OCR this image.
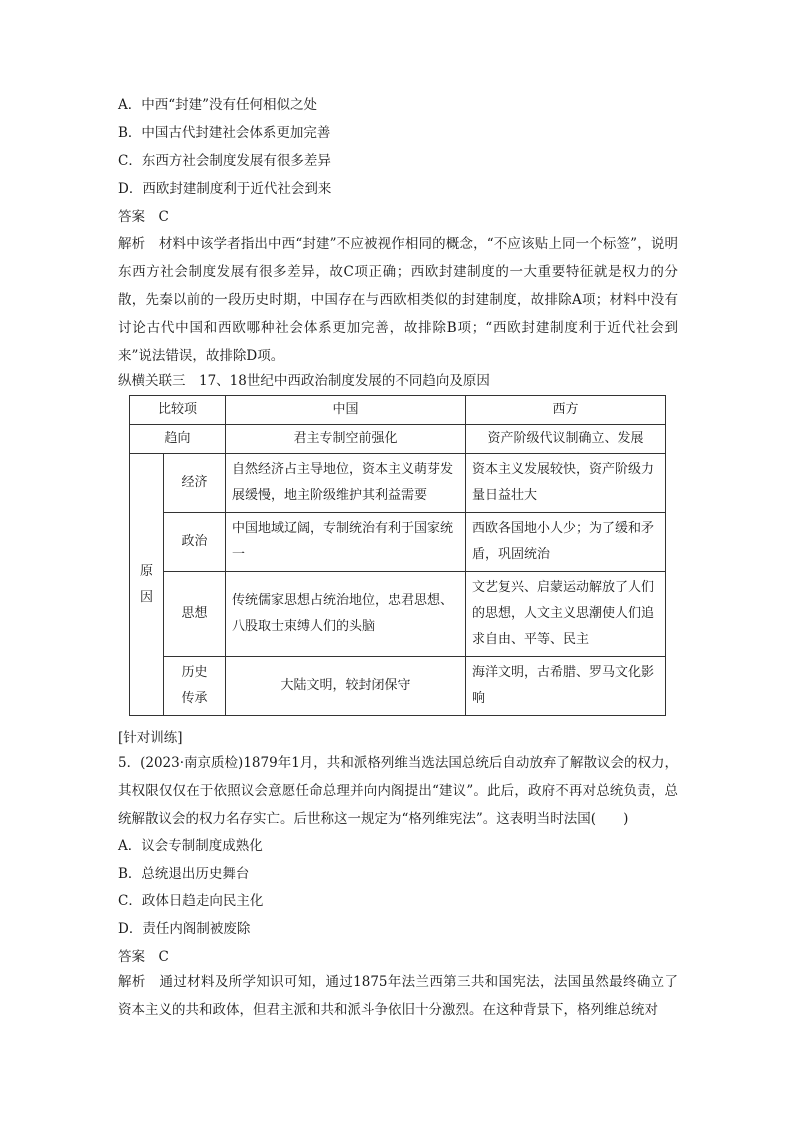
A．中西“封建”没有任何相似之处
B．中国古代封建社会体系更加完善
C．东西方社会制度发展有很多差异
D．西欧封建制度利于近代社会到来
答案　C
解析　材料中该学者指出中西“封建”不应被视作相同的概念，“不应该贴上同一个标签”，说明东西方社会制度发展有很多差异，故C项正确；西欧封建制度的一大重要特征就是权力的分散，先秦以前的一段历史时期，中国存在与西欧相类似的封建制度，故排除A项；材料中没有讨论古代中国和西欧哪种社会体系更加完善，故排除B项；“西欧封建制度利于近代社会到来”说法错误，故排除D项。
纵横关联三　17、18世纪中西政治制度发展的不同趋向及原因
比较项		中国	西方
趋向		君主专制空前强化	资产阶级代议制确立、发展
原因	经济	自然经济占主导地位，资本主义萌芽发展缓慢，地主阶级维护其利益需要	资本主义发展较快，资产阶级力量日益壮大
	政治	中国地域辽阔，专制统治有利于国家统一	西欧各国地小人少；为了缓和矛盾，巩固统治
	思想	传统儒家思想占统治地位，忠君思想、八股取士束缚人们的头脑	文艺复兴、启蒙运动解放了人们的思想，人文主义思潮使人们追求自由、平等、民主
	历史传承	大陆文明，较封闭保守	海洋文明，古希腊、罗马文化影响
[针对训练]
5．(2023·南京质检)1879年1月，共和派格列维当选法国总统后自动放弃了解散议会的权力，其权限仅仅在于依照议会意愿任命总理并向内阁提出“建议”。此后，政府不再对总统负责，总统解散议会的权力名存实亡。后世称这一规定为“格列维宪法”。这表明当时法国(　　)
A．议会专制制度成熟化
B．总统退出历史舞台
C．政体日趋走向民主化
D．责任内阁制被废除
答案　C
解析　通过材料及所学知识可知，通过1875年法兰西第三共和国宪法，法国虽然最终确立了资本主义的共和政体，但君主派和共和派斗争依旧十分激烈。在这种背景下，格列维总统对
